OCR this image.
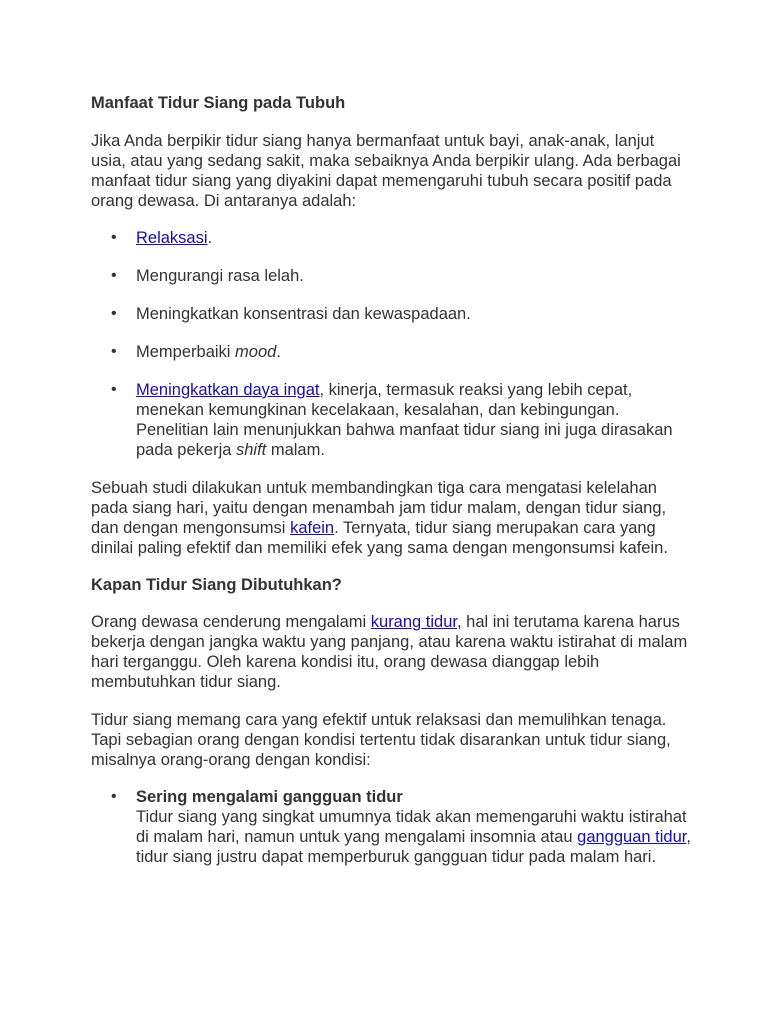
Manfaat Tidur Siang pada Tubuh

Jika Anda berpikir tidur siang hanya bermanfaat untuk bayi, anak-anak, lanjut usia, atau yang sedang sakit, maka sebaiknya Anda berpikir ulang. Ada berbagai manfaat tidur siang yang diyakini dapat memengaruhi tubuh secara positif pada orang dewasa. Di antaranya adalah:

• Relaksasi.
• Mengurangi rasa lelah.
• Meningkatkan konsentrasi dan kewaspadaan.
• Memperbaiki mood.
• Meningkatkan daya ingat, kinerja, termasuk reaksi yang lebih cepat, menekan kemungkinan kecelakaan, kesalahan, dan kebingungan. Penelitian lain menunjukkan bahwa manfaat tidur siang ini juga dirasakan pada pekerja shift malam.

Sebuah studi dilakukan untuk membandingkan tiga cara mengatasi kelelahan pada siang hari, yaitu dengan menambah jam tidur malam, dengan tidur siang, dan dengan mengonsumsi kafein. Ternyata, tidur siang merupakan cara yang dinilai paling efektif dan memiliki efek yang sama dengan mengonsumsi kafein.

Kapan Tidur Siang Dibutuhkan?

Orang dewasa cenderung mengalami kurang tidur, hal ini terutama karena harus bekerja dengan jangka waktu yang panjang, atau karena waktu istirahat di malam hari terganggu. Oleh karena kondisi itu, orang dewasa dianggap lebih membutuhkan tidur siang.

Tidur siang memang cara yang efektif untuk relaksasi dan memulihkan tenaga. Tapi sebagian orang dengan kondisi tertentu tidak disarankan untuk tidur siang, misalnya orang-orang dengan kondisi:

• Sering mengalami gangguan tidur
Tidur siang yang singkat umumnya tidak akan memengaruhi waktu istirahat di malam hari, namun untuk yang mengalami insomnia atau gangguan tidur, tidur siang justru dapat memperburuk gangguan tidur pada malam hari.
